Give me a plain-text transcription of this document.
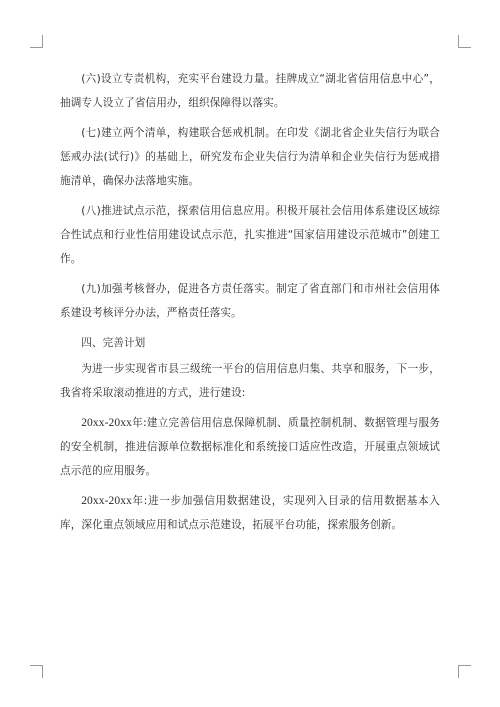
(六)设立专责机构，充实平台建设力量。挂牌成立“湖北省信用信息中心”，抽调专人设立了省信用办，组织保障得以落实。

(七)建立两个清单，构建联合惩戒机制。在印发《湖北省企业失信行为联合惩戒办法(试行)》的基础上，研究发布企业失信行为清单和企业失信行为惩戒措施清单，确保办法落地实施。

(八)推进试点示范，探索信用信息应用。积极开展社会信用体系建设区域综合性试点和行业性信用建设试点示范，扎实推进“国家信用建设示范城市”创建工作。

(九)加强考核督办，促进各方责任落实。制定了省直部门和市州社会信用体系建设考核评分办法，严格责任落实。

四、完善计划

为进一步实现省市县三级统一平台的信用信息归集、共享和服务，下一步，我省将采取滚动推进的方式，进行建设:

20xx-20xx年:建立完善信用信息保障机制、质量控制机制、数据管理与服务的安全机制，推进信源单位数据标准化和系统接口适应性改造，开展重点领域试点示范的应用服务。

20xx-20xx年:进一步加强信用数据建设，实现列入目录的信用数据基本入库，深化重点领域应用和试点示范建设，拓展平台功能，探索服务创新。
